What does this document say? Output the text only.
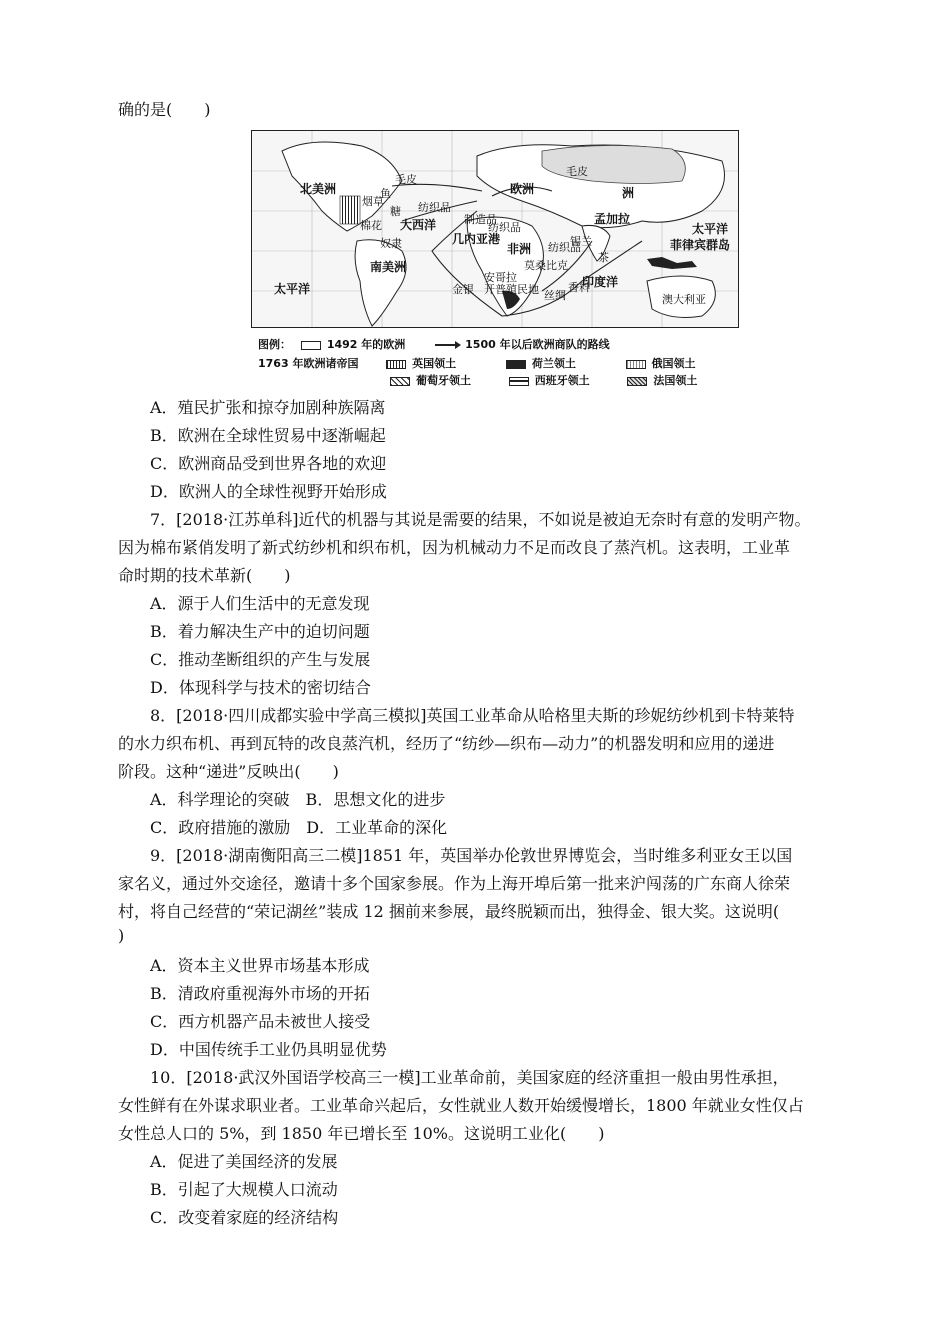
确的是(　　)
北美洲
南美洲
太平洋
大西洋
几内亚港
非洲
欧洲	洲
孟加拉
太平洋
菲律宾群岛
印度洋
澳大利亚
毛皮
毛皮
鱼
烟草
棉花
糖
奴隶
纺织品
制造品
纺织品
茶
锡兰
香料
金银
莫桑比克
安哥拉
开普殖民地 丝绸
纺织品
图例：	1492 年的欧洲	1500 年以后欧洲商队的路线
1763 年欧洲诸帝国	英国领土	荷兰领土	俄国领土
葡萄牙领土	西班牙领土	法国领土
A．殖民扩张和掠夺加剧种族隔离
B．欧洲在全球性贸易中逐渐崛起
C．欧洲商品受到世界各地的欢迎
D．欧洲人的全球性视野开始形成
7．[2018·江苏单科]近代的机器与其说是需要的结果，不如说是被迫无奈时有意的发明产物。
因为棉布紧俏发明了新式纺纱机和织布机，因为机械动力不足而改良了蒸汽机。这表明，工业革
命时期的技术革新(　　)
A．源于人们生活中的无意发现
B．着力解决生产中的迫切问题
C．推动垄断组织的产生与发展
D．体现科学与技术的密切结合
8．[2018·四川成都实验中学高三模拟]英国工业革命从哈格里夫斯的珍妮纺纱机到卡特莱特
的水力织布机、再到瓦特的改良蒸汽机，经历了“纺纱—织布—动力”的机器发明和应用的递进
阶段。这种“递进”反映出(　　)
A．科学理论的突破　B．思想文化的进步
C．政府措施的激励　D．工业革命的深化
9．[2018·湖南衡阳高三二模]1851 年，英国举办伦敦世界博览会，当时维多利亚女王以国
家名义，通过外交途径，邀请十多个国家参展。作为上海开埠后第一批来沪闯荡的广东商人徐荣
村，将自己经营的“荣记湖丝”装成 12 捆前来参展，最终脱颖而出，独得金、银大奖。这说明(
)
A．资本主义世界市场基本形成
B．清政府重视海外市场的开拓
C．西方机器产品未被世人接受
D．中国传统手工业仍具明显优势
10．[2018·武汉外国语学校高三一模]工业革命前，美国家庭的经济重担一般由男性承担，
女性鲜有在外谋求职业者。工业革命兴起后，女性就业人数开始缓慢增长，1800 年就业女性仅占
女性总人口的 5%，到 1850 年已增长至 10%。这说明工业化(　　)
A．促进了美国经济的发展
B．引起了大规模人口流动
C．改变着家庭的经济结构
